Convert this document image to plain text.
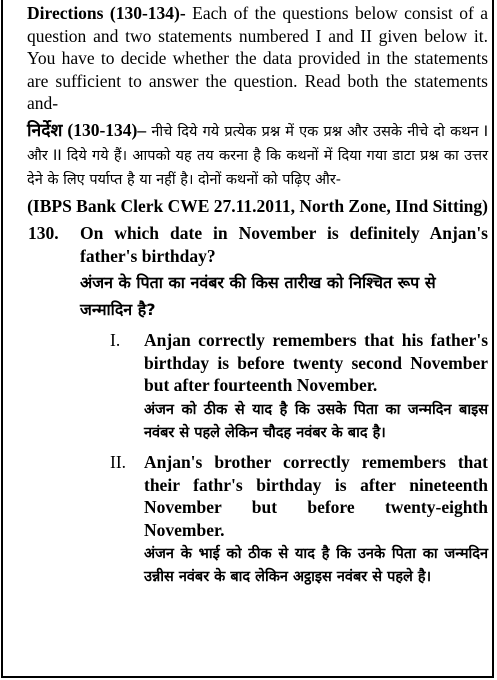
Directions (130-134)- Each of the questions below consist of a question and two statements numbered I and II given below it. You have to decide whether the data provided in the statements are sufficient to answer the question. Read both the statements and-
निर्देश (130-134)– नीचे दिये गये प्रत्येक प्रश्न में एक प्रश्न और उसके नीचे दो कथन I और II दिये गये हैं। आपको यह तय करना है कि कथनों में दिया गया डाटा प्रश्न का उत्तर देने के लिए पर्याप्त है या नहीं है। दोनों कथनों को पढ़िए और-
(IBPS Bank Clerk CWE 27.11.2011, North Zone, IInd Sitting)
130. On which date in November is definitely Anjan's father's birthday?
अंजन के पिता का नवंबर की किस तारीख को निश्चित रूप से जन्मादिन है?
I. Anjan correctly remembers that his father's birthday is before twenty second November but after fourteenth November.
अंजन को ठीक से याद है कि उसके पिता का जन्मदिन बाइस नवंबर से पहले लेकिन चौदह नवंबर के बाद है।
II. Anjan's brother correctly remembers that their fathr's birthday is after nineteenth November but before twenty-eighth November.
अंजन के भाई को ठीक से याद है कि उनके पिता का जन्मदिन उन्नीस नवंबर के बाद लेकिन अट्ठाइस नवंबर से पहले है।
